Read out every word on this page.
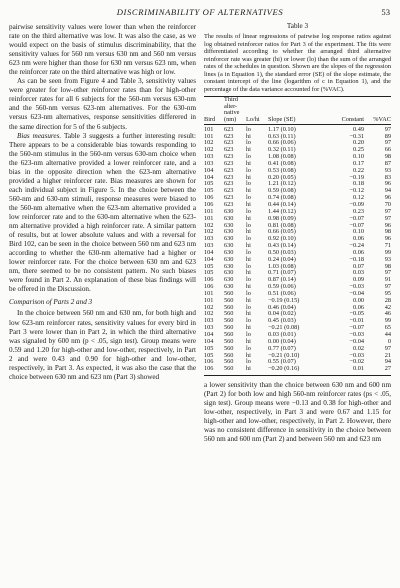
DISCRIMINABILITY OF ALTERNATIVES	53

pairwise sensitivity values were lower than when the reinforcer rate on the third alternative was low. It was also the case, as we would expect on the basis of stimulus discriminability, that the sensitivity values for 560 nm versus 630 nm and 560 nm versus 623 nm were higher than those for 630 nm versus 623 nm, when the reinforcer rate on the third alternative was high or low.

As can be seen from Figure 4 and Table 3, sensitivity values were greater for low-other reinforcer rates than for high-other reinforcer rates for all 6 subjects for the 560-nm versus 630-nm and the 560-nm versus 623-nm alternatives. For the 630-nm versus 623-nm alternatives, response sensitivities differered in the same direction for 5 of the 6 subjects.

Bias measures. Table 3 suggests a further interesting result: There appears to be a considerable bias towards responding to the 560-nm stimulus in the 560-nm versus 630-nm choice when the 623-nm alternative provided a lower reinforcer rate, and a bias in the opposite direction when the 623-nm alternative provided a higher reinforcer rate. Bias measures are shown for each individual subject in Figure 5. In the choice between the 560-nm and 630-nm stimuli, response measures were biased to the 560-nm alternative when the 623-nm alternative provided a low reinforcer rate and to the 630-nm alternative when the 623-nm alternative provided a high reinforcer rate. A similar pattern of results, but at lower absolute values and with a reversal for Bird 102, can be seen in the choice between 560 nm and 623 nm according to whether the 630-nm alternative had a higher or lower reinforcer rate. For the choice between 630 nm and 623 nm, there seemed to be no consistent pattern. No such biases were found in Part 2. An explanation of these bias findings will be offered in the Discussion.

Comparison of Parts 2 and 3

In the choice between 560 nm and 630 nm, for both high and low 623-nm reinforcer rates, sensitivity values for every bird in Part 3 were lower than in Part 2, in which the third alternative was signaled by 600 nm (p < .05, sign test). Group means were 0.59 and 1.20 for high-other and low-other, respectively, in Part 2 and were 0.43 and 0.90 for high-other and low-other, respectively, in Part 3. As expected, it was also the case that the choice between 630 nm and 623 nm (Part 3) showed

Table 3
The results of linear regressions of pairwise log response ratios against log obtained reinforcer ratios for Part 3 of the experiment. The fits were differentiated according to whether the arranged third alternative reinforcer rate was greater (hi) or lower (lo) than the sum of the arranged rates of the schedules in question. Shown are the slopes of the regression lines (a in Equation 1), the standard error (SE) of the slope estimate, the constant intercept of the line (logarithm of c in Equation 1), and the percentage of the data variance accounted for (%VAC).
	Third
alter-
native				
Bird	(nm)	Lo/hi	Slope (SE)	Constant	%VAC
101	623	lo	1.17 (0.10)	0.49	97
101	623	hi	0.63 (0.11)	−0.31	89
102	623	lo	0.66 (0.06)	0.20	97
102	623	hi	0.32 (0.11)	0.25	66
103	623	lo	1.08 (0.08)	0.10	98
103	623	hi	0.41 (0.08)	0.17	87
104	623	lo	0.53 (0.08)	0.22	93
104	623	hi	0.20 (0.05)	−0.19	83
105	623	lo	1.21 (0.12)	0.18	96
105	623	hi	0.59 (0.08)	−0.12	94
106	623	lo	0.74 (0.08)	0.12	96
106	623	hi	0.44 (0.14)	−0.09	70
101	630	lo	1.44 (0.12)	0.23	97
101	630	hi	0.98 (0.09)	−0.07	97
102	630	lo	0.81 (0.08)	−0.07	96
102	630	hi	0.66 (0.05)	0.10	98
103	630	lo	0.92 (0.10)	0.06	96
103	630	hi	0.43 (0.14)	−0.24	71
104	630	lo	0.50 (0.03)	0.06	99
104	630	hi	0.24 (0.04)	−0.18	93
105	630	lo	1.03 (0.08)	0.07	98
105	630	hi	0.71 (0.07)	0.03	97
106	630	lo	0.87 (0.14)	0.09	91
106	630	hi	0.59 (0.06)	−0.03	97
101	560	lo	0.51 (0.06)	−0.04	95
101	560	hi	−0.19 (0.15)	0.00	28
102	560	lo	0.46 (0.04)	0.06	42
102	560	hi	0.04 (0.02)	−0.05	46
103	560	lo	0.45 (0.03)	−0.01	99
103	560	hi	−0.21 (0.08)	−0.07	65
104	560	lo	0.03 (0.01)	−0.03	44
104	560	hi	0.00 (0.04)	−0.04	0
105	560	lo	0.77 (0.07)	0.02	97
105	560	hi	−0.21 (0.10)	−0.03	21
106	560	lo	0.55 (0.07)	−0.02	94
106	560	hi	−0.20 (0.16)	0.01	27

a lower sensitivity than the choice between 630 nm and 600 nm (Part 2) for both low and high 560-nm reinforcer rates (ps < .05, sign test). Group means were −0.13 and 0.38 for high-other and low-other, respectively, in Part 3 and were 0.67 and 1.15 for high-other and low-other, respectively, in Part 2. However, there was no consistent difference in sensitivity in the choice between 560 nm and 600 nm (Part 2) and between 560 nm and 623 nm
